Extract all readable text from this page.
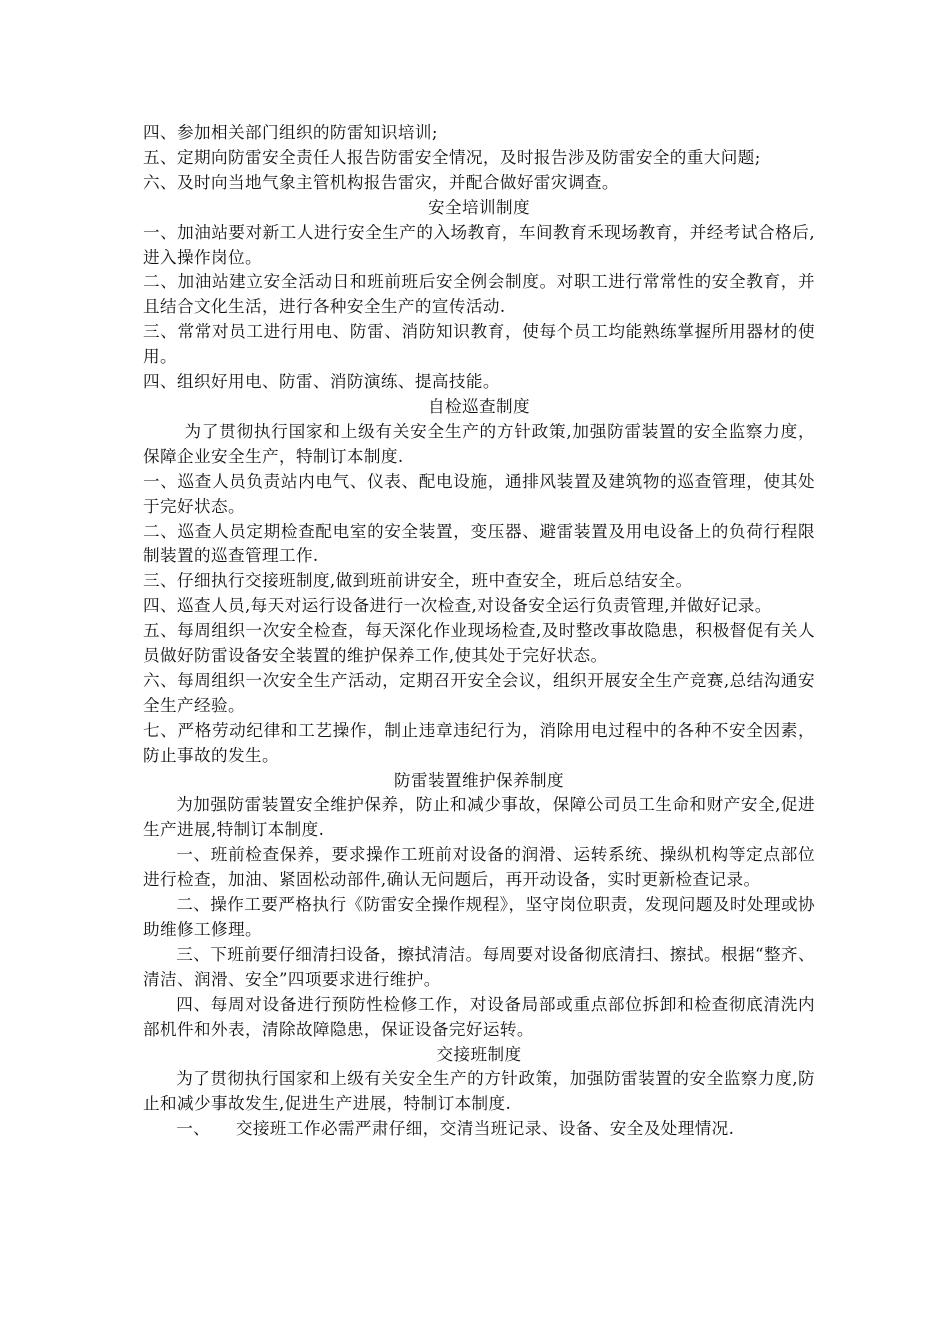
四、参加相关部门组织的防雷知识培训;

五、定期向防雷安全责任人报告防雷安全情况，及时报告涉及防雷安全的重大问题;

六、及时向当地气象主管机构报告雷灾，并配合做好雷灾调查。

安全培训制度

一、加油站要对新工人进行安全生产的入场教育，车间教育禾现场教育，并经考试合格后,进入操作岗位。

二、加油站建立安全活动日和班前班后安全例会制度。对职工进行常常性的安全教育，并且结合文化生活，进行各种安全生产的宣传活动.

三、常常对员工进行用电、防雷、消防知识教育，使每个员工均能熟练掌握所用器材的使用。

四、组织好用电、防雷、消防演练、提高技能。

自检巡查制度

为了贯彻执行国家和上级有关安全生产的方针政策,加强防雷装置的安全监察力度，保障企业安全生产，特制订本制度.

一、巡查人员负责站内电气、仪表、配电设施，通排风装置及建筑物的巡查管理，使其处于完好状态。

二、巡查人员定期检查配电室的安全装置，变压器、避雷装置及用电设备上的负荷行程限制装置的巡查管理工作.

三、仔细执行交接班制度,做到班前讲安全，班中查安全，班后总结安全。

四、巡查人员,每天对运行设备进行一次检查,对设备安全运行负责管理,并做好记录。

五、每周组织一次安全检查，每天深化作业现场检查,及时整改事故隐患，积极督促有关人员做好防雷设备安全装置的维护保养工作,使其处于完好状态。

六、每周组织一次安全生产活动，定期召开安全会议，组织开展安全生产竞赛,总结沟通安全生产经验。

七、严格劳动纪律和工艺操作，制止违章违纪行为，消除用电过程中的各种不安全因素，防止事故的发生。

防雷装置维护保养制度

为加强防雷装置安全维护保养，防止和减少事故，保障公司员工生命和财产安全,促进生产进展,特制订本制度.

一、班前检查保养，要求操作工班前对设备的润滑、运转系统、操纵机构等定点部位进行检查，加油、紧固松动部件,确认无问题后，再开动设备，实时更新检查记录。

二、操作工要严格执行《防雷安全操作规程》，坚守岗位职责，发现问题及时处理或协助维修工修理。

三、下班前要仔细清扫设备，擦拭清洁。每周要对设备彻底清扫、擦拭。根据“整齐、清洁、润滑、安全”四项要求进行维护。

四、每周对设备进行预防性检修工作，对设备局部或重点部位拆卸和检查彻底清洗内部机件和外表，清除故障隐患，保证设备完好运转。

交接班制度

为了贯彻执行国家和上级有关安全生产的方针政策，加强防雷装置的安全监察力度,防止和减少事故发生,促进生产进展，特制订本制度.

一、　　交接班工作必需严肃仔细，交清当班记录、设备、安全及处理情况.
